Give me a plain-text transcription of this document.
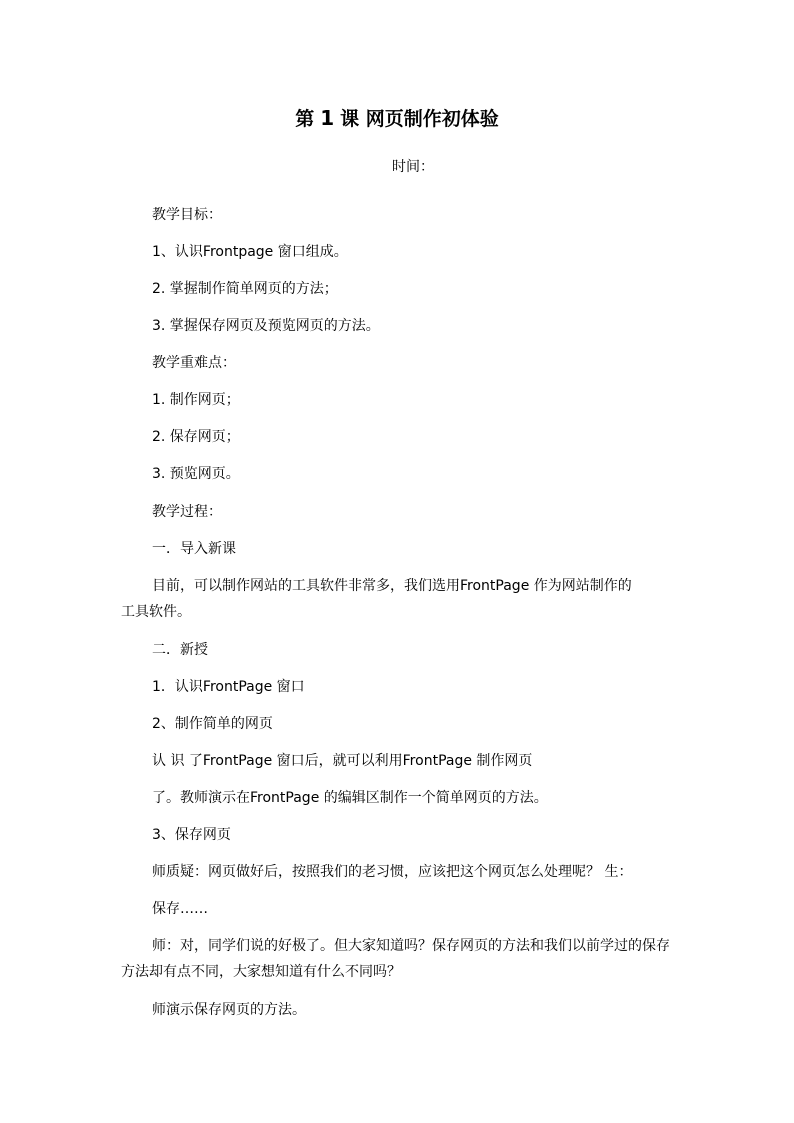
第 1 课 网页制作初体验
时间：
教学目标：
1、认识Frontpage 窗口组成。
2. 掌握制作简单网页的方法；
3. 掌握保存网页及预览网页的方法。
教学重难点：
1. 制作网页；
2. 保存网页；
3. 预览网页。
教学过程：
一．导入新课
目前，可以制作网站的工具软件非常多，我们选用FrontPage 作为网站制作的
工具软件。
二．新授
1．认识FrontPage 窗口
2、制作简单的网页
认 识 了FrontPage 窗口后，就可以利用FrontPage 制作网页
了。教师演示在FrontPage 的编辑区制作一个简单网页的方法。
3、保存网页
师质疑：网页做好后，按照我们的老习惯，应该把这个网页怎么处理呢？ 生：
保存……
师：对，同学们说的好极了。但大家知道吗？保存网页的方法和我们以前学过的保存
方法却有点不同，大家想知道有什么不同吗？
师演示保存网页的方法。
